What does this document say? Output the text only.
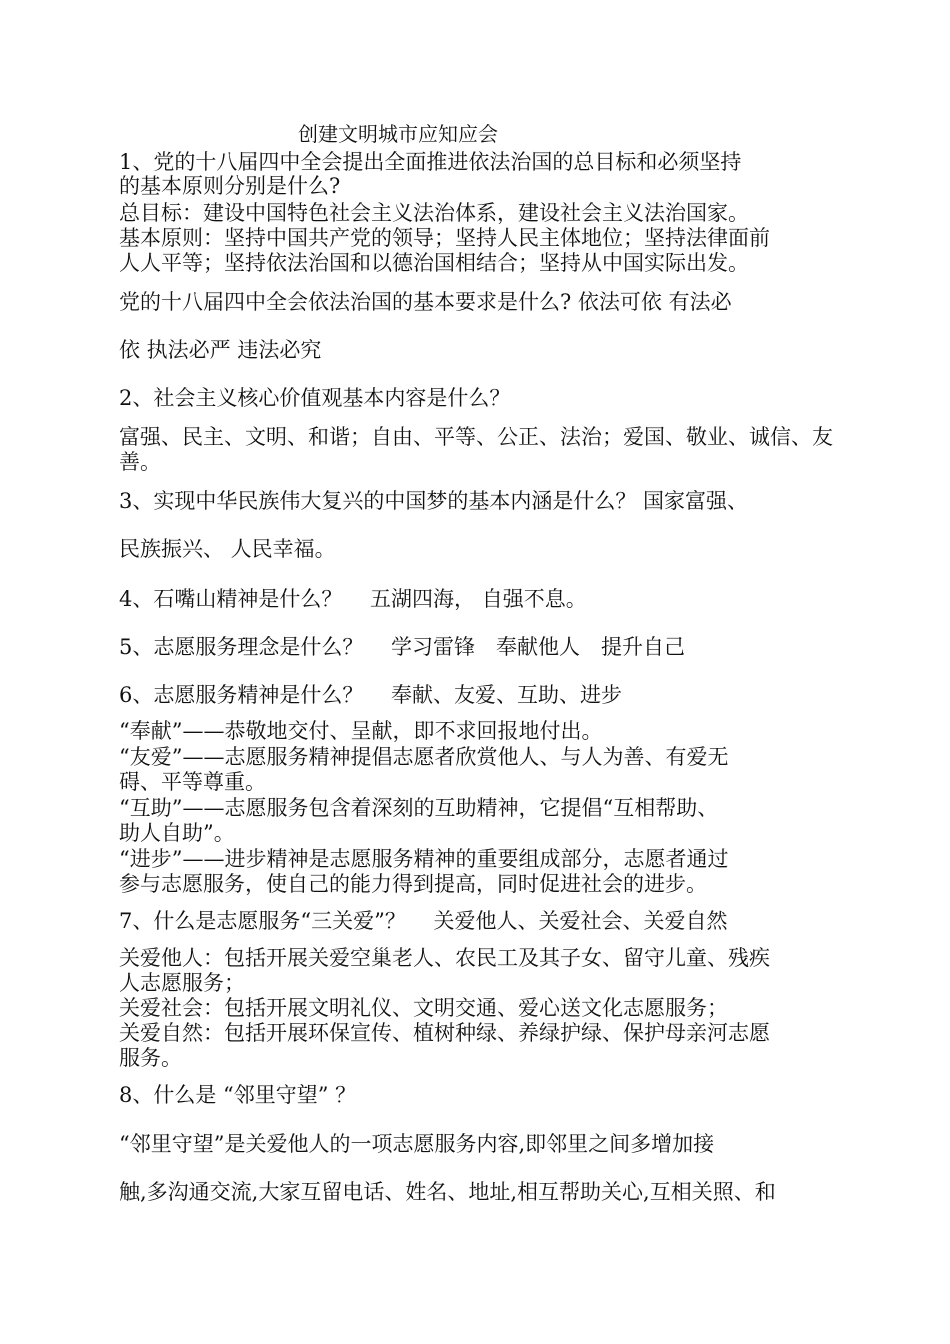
创建文明城市应知应会
1、党的十八届四中全会提出全面推进依法治国的总目标和必须坚持
的基本原则分别是什么?
总目标：建设中国特色社会主义法治体系，建设社会主义法治国家。
基本原则：坚持中国共产党的领导；坚持人民主体地位；坚持法律面前
人人平等；坚持依法治国和以德治国相结合；坚持从中国实际出发。
党的十八届四中全会依法治国的基本要求是什么? 依法可依 有法必
依 执法必严 违法必究
2、社会主义核心价值观基本内容是什么？
富强、民主、文明、和谐；自由、平等、公正、法治；爱国、敬业、诚信、友
善。
3、实现中华民族伟大复兴的中国梦的基本内涵是什么？ 国家富强、
民族振兴、 人民幸福。
4、石嘴山精神是什么？　 五湖四海， 自强不息。
5、志愿服务理念是什么？　 学习雷锋　奉献他人　提升自己
6、志愿服务精神是什么？　 奉献、友爱、互助、进步
“奉献”——恭敬地交付、呈献，即不求回报地付出。
“友爱”——志愿服务精神提倡志愿者欣赏他人、与人为善、有爱无
碍、平等尊重。
“互助”——志愿服务包含着深刻的互助精神，它提倡“互相帮助、
助人自助”。
“进步”——进步精神是志愿服务精神的重要组成部分，志愿者通过
参与志愿服务，使自己的能力得到提高，同时促进社会的进步。
7、什么是志愿服务“三关爱”？　 关爱他人、关爱社会、关爱自然
关爱他人：包括开展关爱空巢老人、农民工及其子女、留守儿童、残疾
人志愿服务；
关爱社会：包括开展文明礼仪、文明交通、爱心送文化志愿服务；
关爱自然：包括开展环保宣传、植树种绿、养绿护绿、保护母亲河志愿
服务。
8、什么是 “邻里守望” ？
“邻里守望”是关爱他人的一项志愿服务内容,即邻里之间多增加接
触,多沟通交流,大家互留电话、姓名、地址,相互帮助关心,互相关照、和
